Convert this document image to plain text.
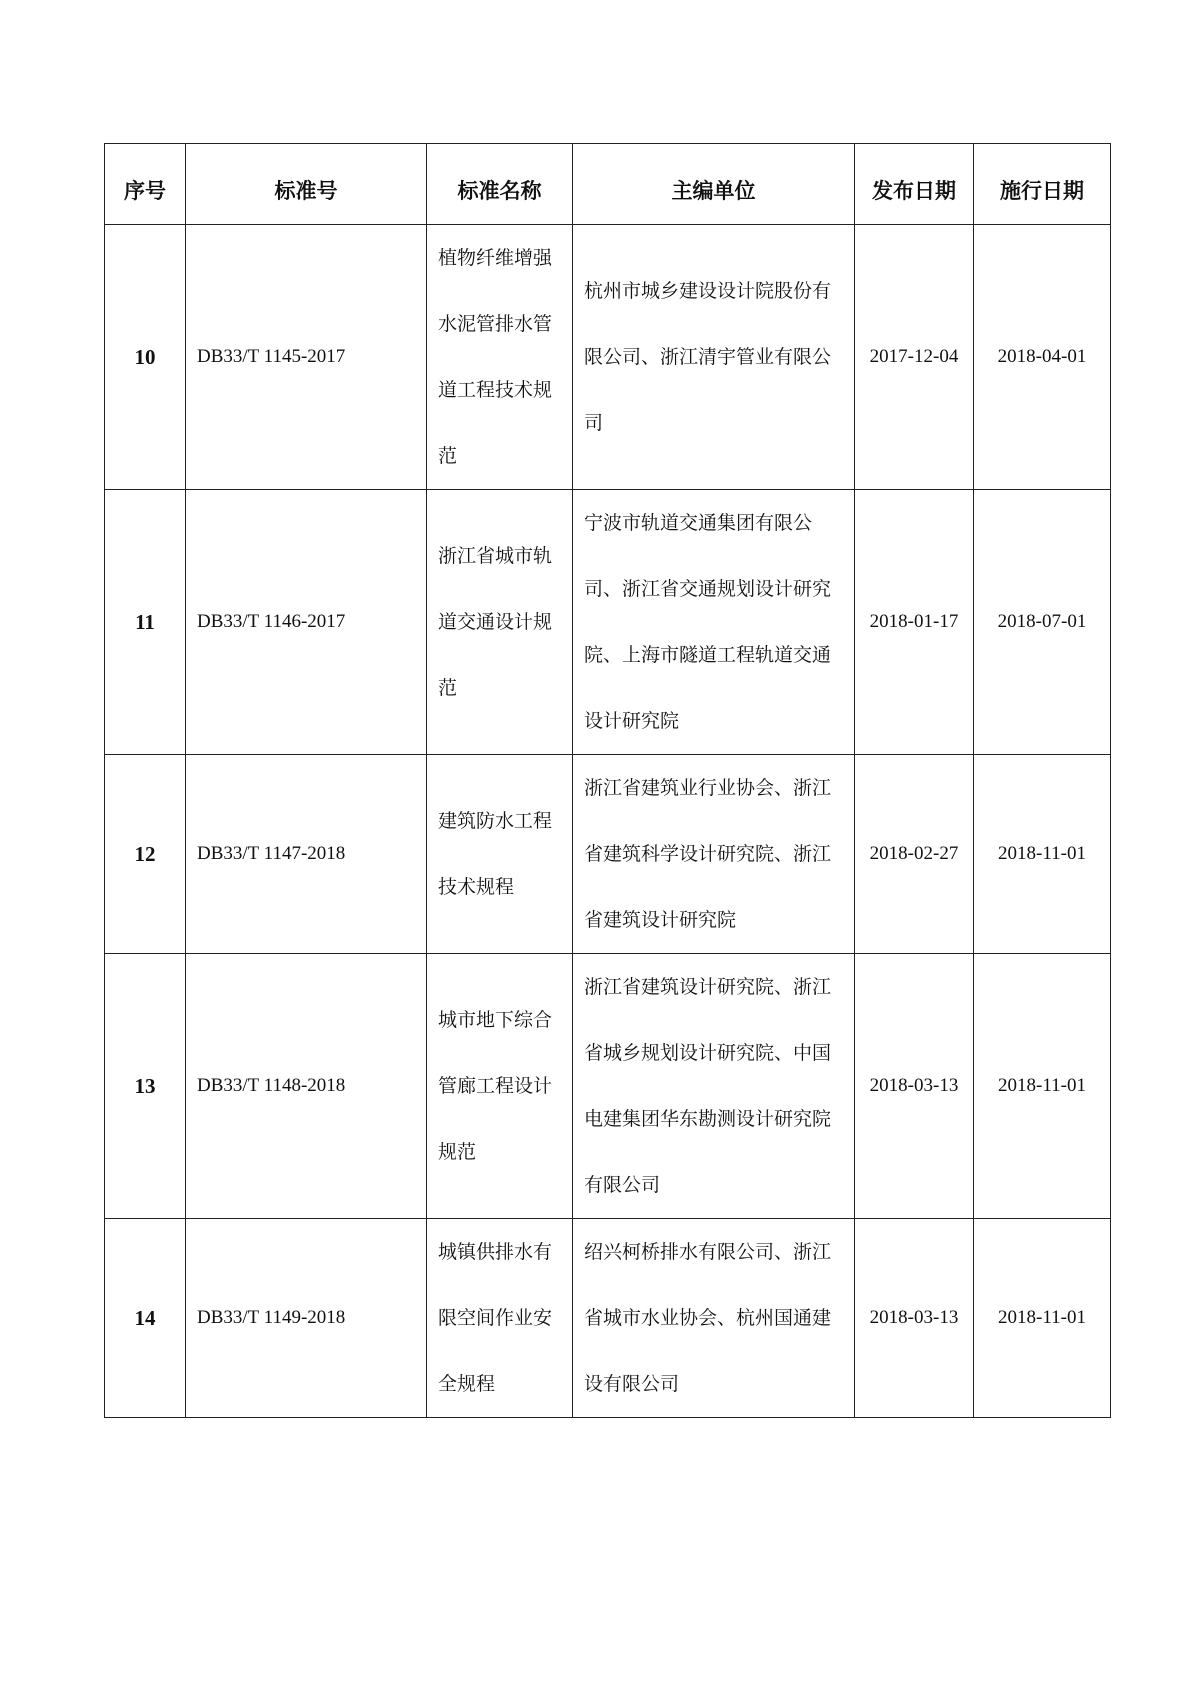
序号	标准号	标准名称	主编单位	发布日期	施行日期
10	DB33/T 1145-2017	植物纤维增强水泥管排水管道工程技术规范	杭州市城乡建设设计院股份有限公司、浙江清宇管业有限公司	2017-12-04	2018-04-01
11	DB33/T 1146-2017	浙江省城市轨道交通设计规范	宁波市轨道交通集团有限公司、浙江省交通规划设计研究院、上海市隧道工程轨道交通设计研究院	2018-01-17	2018-07-01
12	DB33/T 1147-2018	建筑防水工程技术规程	浙江省建筑业行业协会、浙江省建筑科学设计研究院、浙江省建筑设计研究院	2018-02-27	2018-11-01
13	DB33/T 1148-2018	城市地下综合管廊工程设计规范	浙江省建筑设计研究院、浙江省城乡规划设计研究院、中国电建集团华东勘测设计研究院有限公司	2018-03-13	2018-11-01
14	DB33/T 1149-2018	城镇供排水有限空间作业安全规程	绍兴柯桥排水有限公司、浙江省城市水业协会、杭州国通建设有限公司	2018-03-13	2018-11-01
